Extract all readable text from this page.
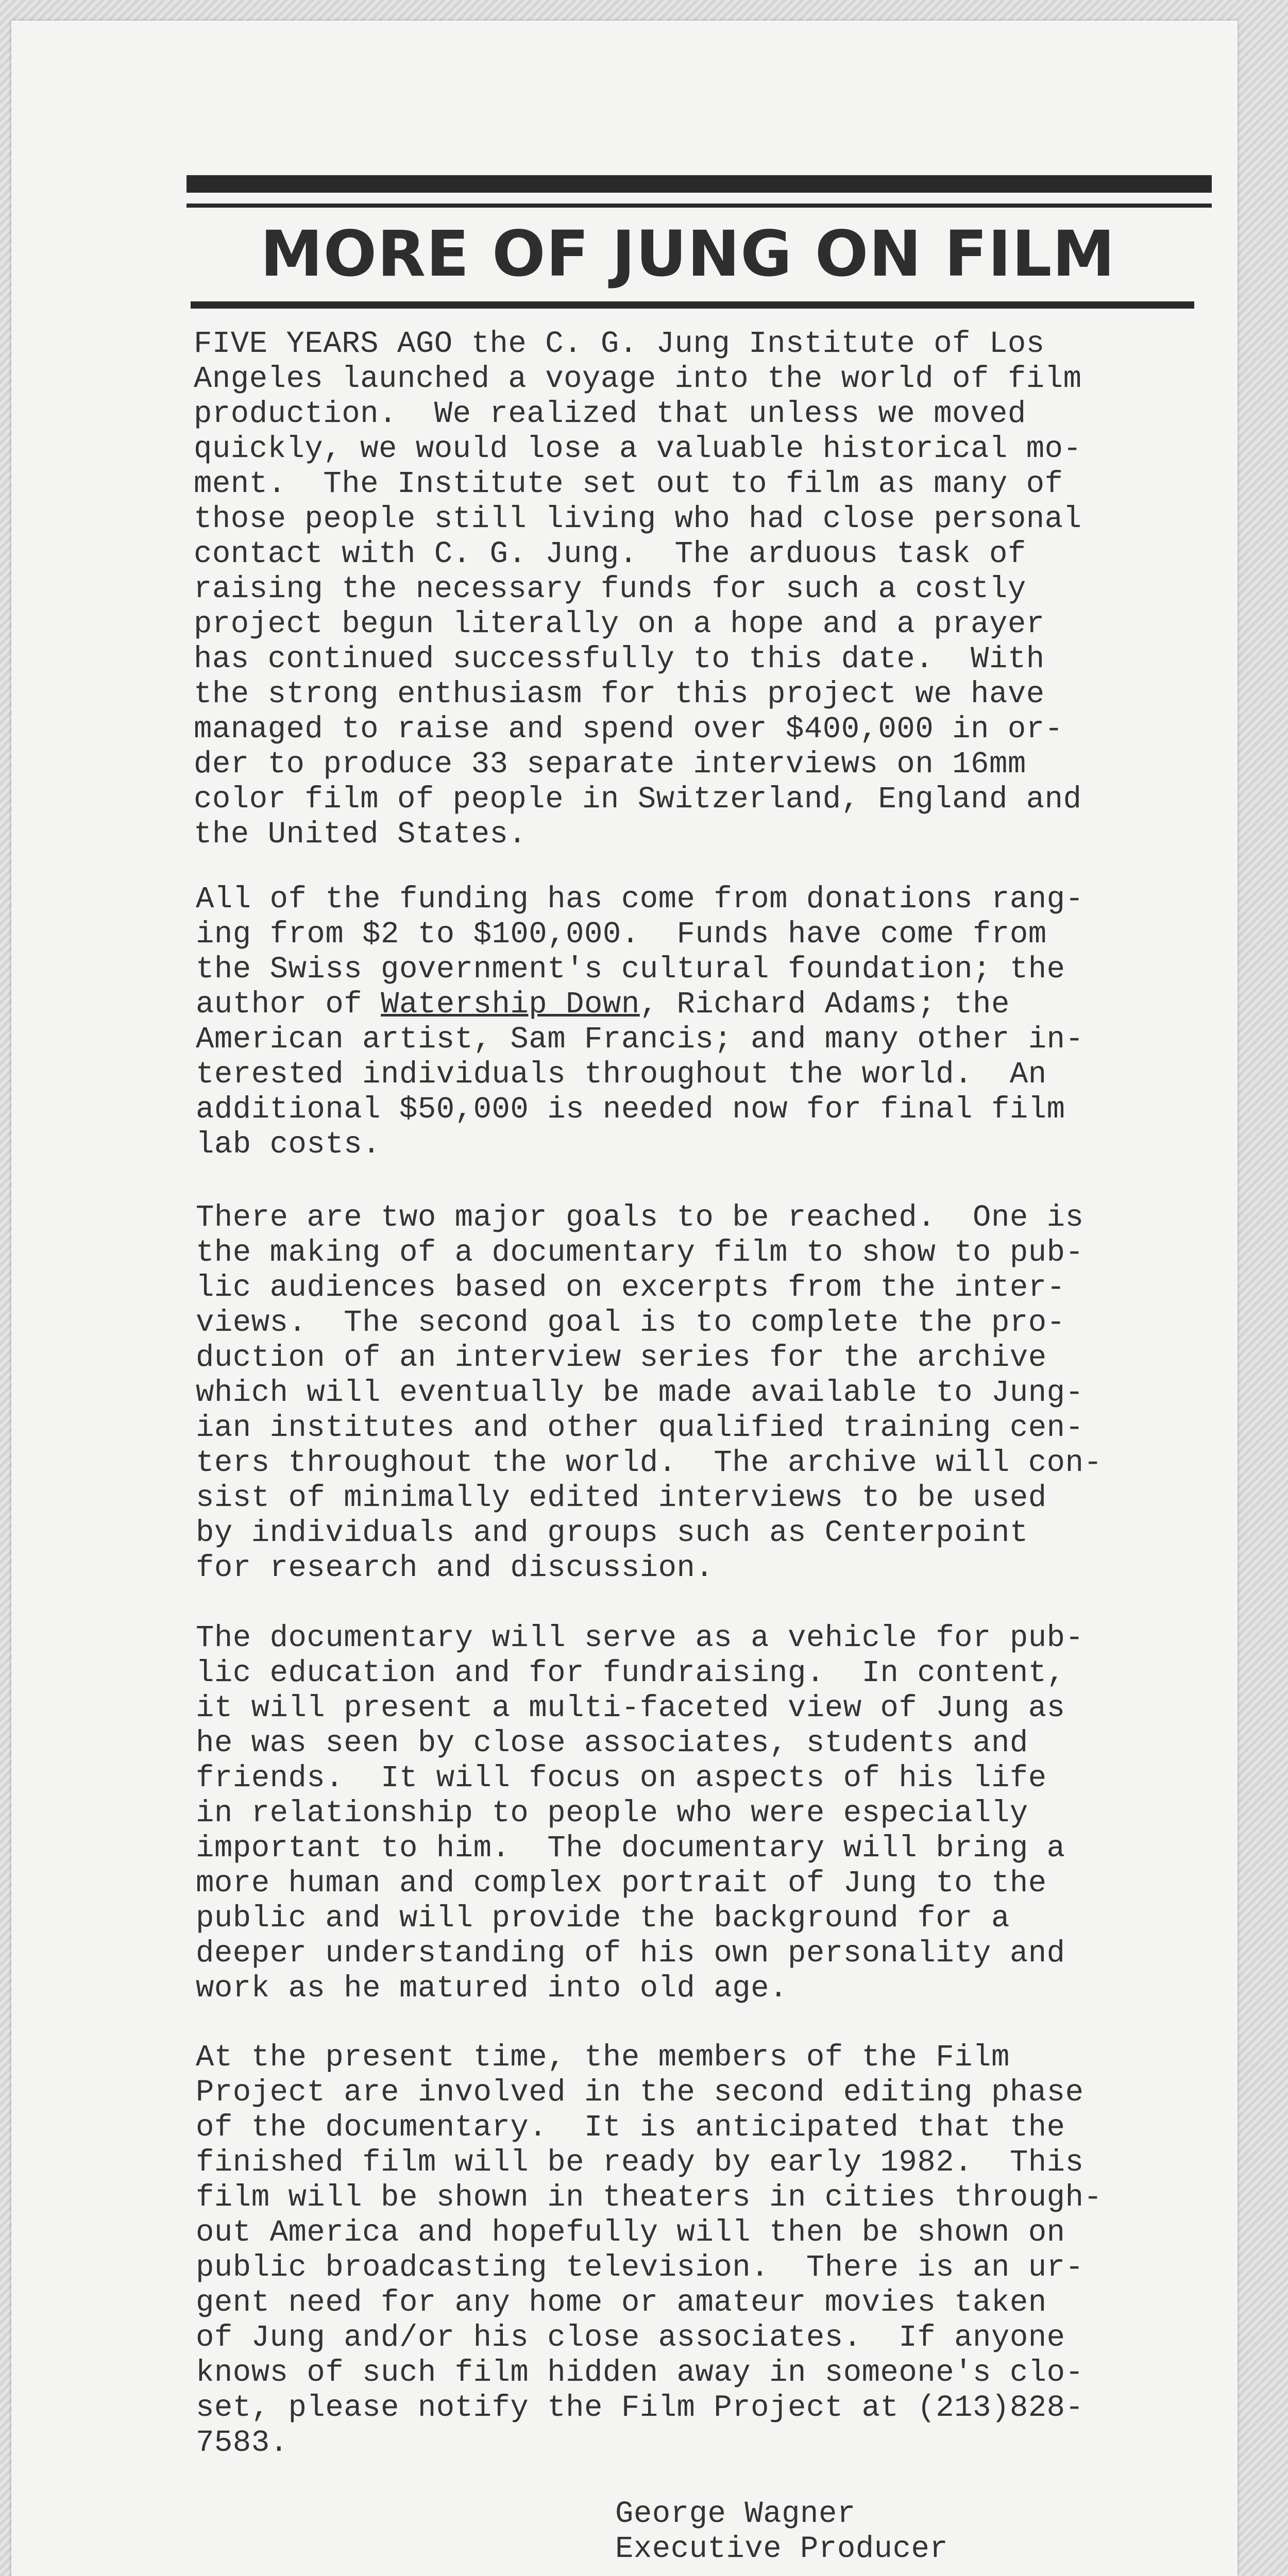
MORE OF JUNG ON FILM
FIVE YEARS AGO the C. G. Jung Institute of Los
Angeles launched a voyage into the world of film
production.  We realized that unless we moved
quickly, we would lose a valuable historical mo-
ment.  The Institute set out to film as many of
those people still living who had close personal
contact with C. G. Jung.  The arduous task of
raising the necessary funds for such a costly
project begun literally on a hope and a prayer
has continued successfully to this date.  With
the strong enthusiasm for this project we have
managed to raise and spend over $400,000 in or-
der to produce 33 separate interviews on 16mm
color film of people in Switzerland, England and
the United States.
All of the funding has come from donations rang-
ing from $2 to $100,000.  Funds have come from
the Swiss government's cultural foundation; the
author of Watership Down, Richard Adams; the
American artist, Sam Francis; and many other in-
terested individuals throughout the world.  An
additional $50,000 is needed now for final film
lab costs.
There are two major goals to be reached.  One is
the making of a documentary film to show to pub-
lic audiences based on excerpts from the inter-
views.  The second goal is to complete the pro-
duction of an interview series for the archive
which will eventually be made available to Jung-
ian institutes and other qualified training cen-
ters throughout the world.  The archive will con-
sist of minimally edited interviews to be used
by individuals and groups such as Centerpoint
for research and discussion.
The documentary will serve as a vehicle for pub-
lic education and for fundraising.  In content,
it will present a multi-faceted view of Jung as
he was seen by close associates, students and
friends.  It will focus on aspects of his life
in relationship to people who were especially
important to him.  The documentary will bring a
more human and complex portrait of Jung to the
public and will provide the background for a
deeper understanding of his own personality and
work as he matured into old age.
At the present time, the members of the Film
Project are involved in the second editing phase
of the documentary.  It is anticipated that the
finished film will be ready by early 1982.  This
film will be shown in theaters in cities through-
out America and hopefully will then be shown on
public broadcasting television.  There is an ur-
gent need for any home or amateur movies taken
of Jung and/or his close associates.  If anyone
knows of such film hidden away in someone's clo-
set, please notify the Film Project at (213)828-
7583.
George Wagner
Executive Producer
